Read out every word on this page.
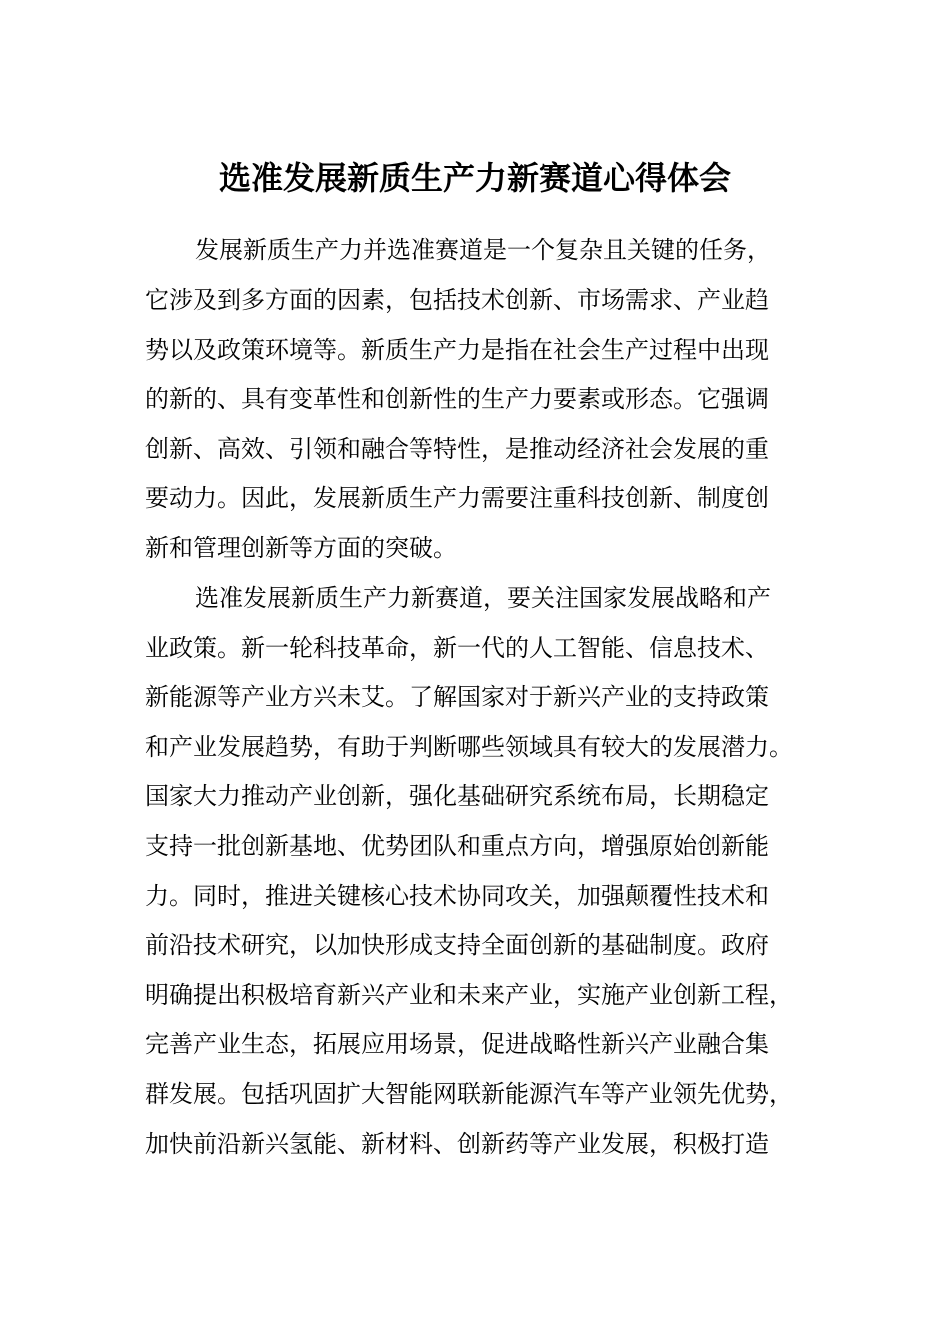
选准发展新质生产力新赛道心得体会
发展新质生产力并选准赛道是一个复杂且关键的任务，
它涉及到多方面的因素，包括技术创新、市场需求、产业趋
势以及政策环境等。新质生产力是指在社会生产过程中出现
的新的、具有变革性和创新性的生产力要素或形态。它强调
创新、高效、引领和融合等特性，是推动经济社会发展的重
要动力。因此，发展新质生产力需要注重科技创新、制度创
新和管理创新等方面的突破。
选准发展新质生产力新赛道，要关注国家发展战略和产
业政策。新一轮科技革命，新一代的人工智能、信息技术、
新能源等产业方兴未艾。了解国家对于新兴产业的支持政策
和产业发展趋势，有助于判断哪些领域具有较大的发展潜力。
国家大力推动产业创新，强化基础研究系统布局，长期稳定
支持一批创新基地、优势团队和重点方向，增强原始创新能
力。同时，推进关键核心技术协同攻关，加强颠覆性技术和
前沿技术研究，以加快形成支持全面创新的基础制度。政府
明确提出积极培育新兴产业和未来产业，实施产业创新工程，
完善产业生态，拓展应用场景，促进战略性新兴产业融合集
群发展。包括巩固扩大智能网联新能源汽车等产业领先优势，
加快前沿新兴氢能、新材料、创新药等产业发展，积极打造
